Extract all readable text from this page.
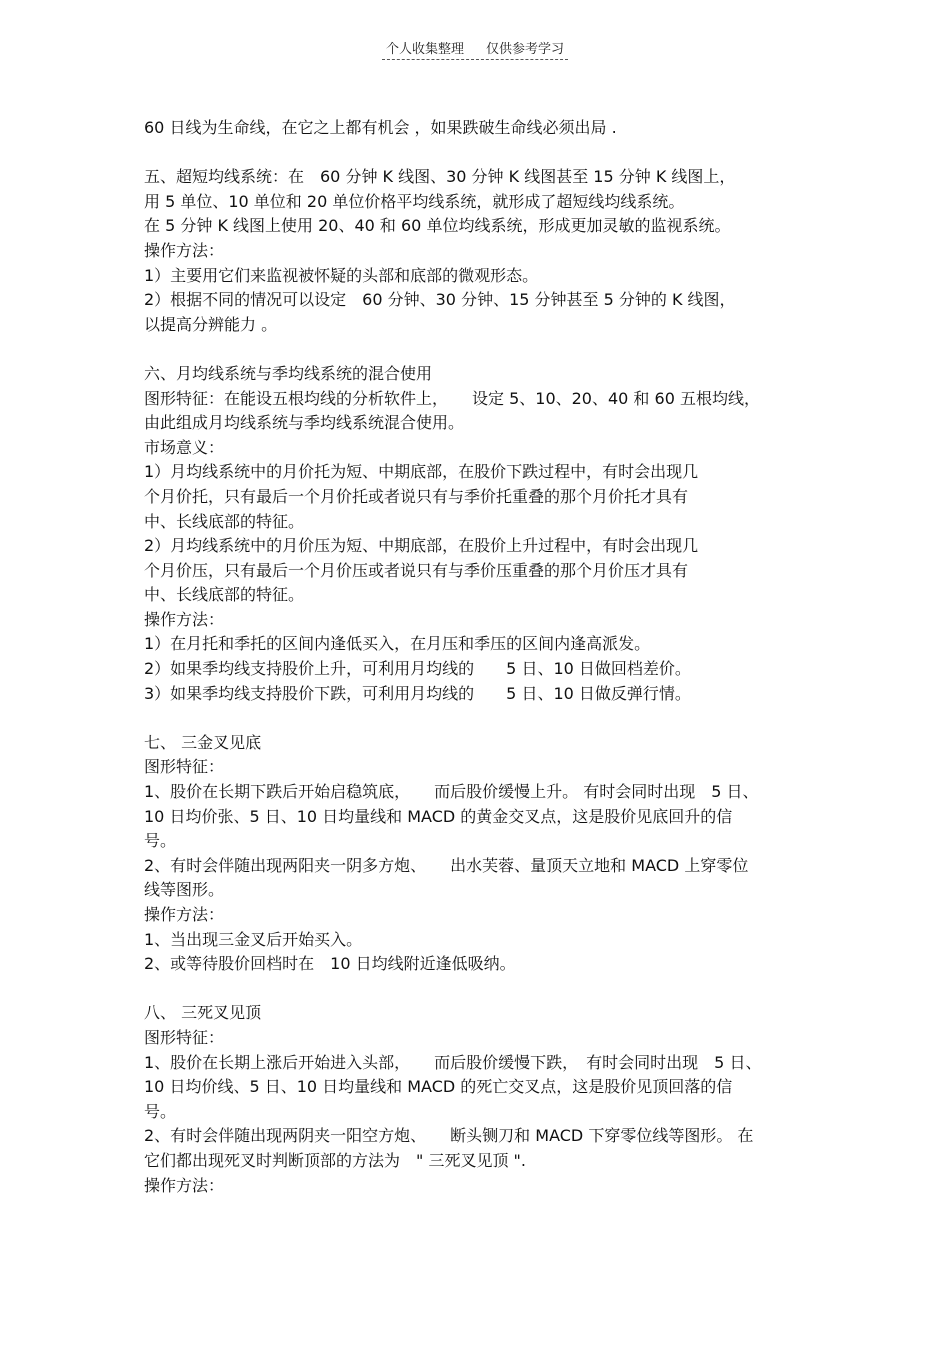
个人收集整理 仅供参考学习

60 日线为生命线，在它之上都有机会 ，如果跌破生命线必须出局 .

五、超短均线系统：在　60 分钟 K 线图、30 分钟 K 线图甚至 15 分钟 K 线图上，

用 5 单位、10 单位和 20 单位价格平均线系统，就形成了超短线均线系统。

在 5 分钟 K 线图上使用 20、40 和 60 单位均线系统，形成更加灵敏的监视系统。

操作方法：

1）主要用它们来监视被怀疑的头部和底部的微观形态。

2）根据不同的情况可以设定　60 分钟、30 分钟、15 分钟甚至 5 分钟的 K 线图，

以提高分辨能力 。

六、月均线系统与季均线系统的混合使用

图形特征：在能设五根均线的分析软件上，　　设定 5、10、20、40 和 60 五根均线，

由此组成月均线系统与季均线系统混合使用。

市场意义：

1）月均线系统中的月价托为短、中期底部，在股价下跌过程中，有时会出现几

个月价托，只有最后一个月价托或者说只有与季价托重叠的那个月价托才具有

中、长线底部的特征。

2）月均线系统中的月价压为短、中期底部，在股价上升过程中，有时会出现几

个月价压，只有最后一个月价压或者说只有与季价压重叠的那个月价压才具有

中、长线底部的特征。

操作方法：

1）在月托和季托的区间内逢低买入，在月压和季压的区间内逢高派发。

2）如果季均线支持股价上升，可利用月均线的　　5 日、10 日做回档差价。

3）如果季均线支持股价下跌，可利用月均线的　　5 日、10 日做反弹行情。

七、 三金叉见底

图形特征：

1、股价在长期下跌后开始启稳筑底，　　而后股价缓慢上升。 有时会同时出现　5 日、

10 日均价张、5 日、10 日均量线和 MACD 的黄金交叉点，这是股价见底回升的信

号。

2、有时会伴随出现两阳夹一阴多方炮、　　出水芙蓉、量顶天立地和 MACD 上穿零位

线等图形。

操作方法：

1、当出现三金叉后开始买入。

2、或等待股价回档时在　10 日均线附近逢低吸纳。

八、 三死叉见顶

图形特征：

1、股价在长期上涨后开始进入头部，　　而后股价缓慢下跌，　有时会同时出现　5 日、

10 日均价线、5 日、10 日均量线和 MACD 的死亡交叉点，这是股价见顶回落的信

号。

2、有时会伴随出现两阴夹一阳空方炮、　　断头铡刀和 MACD 下穿零位线等图形。 在

它们都出现死叉时判断顶部的方法为　" 三死叉见顶 ".

操作方法：
